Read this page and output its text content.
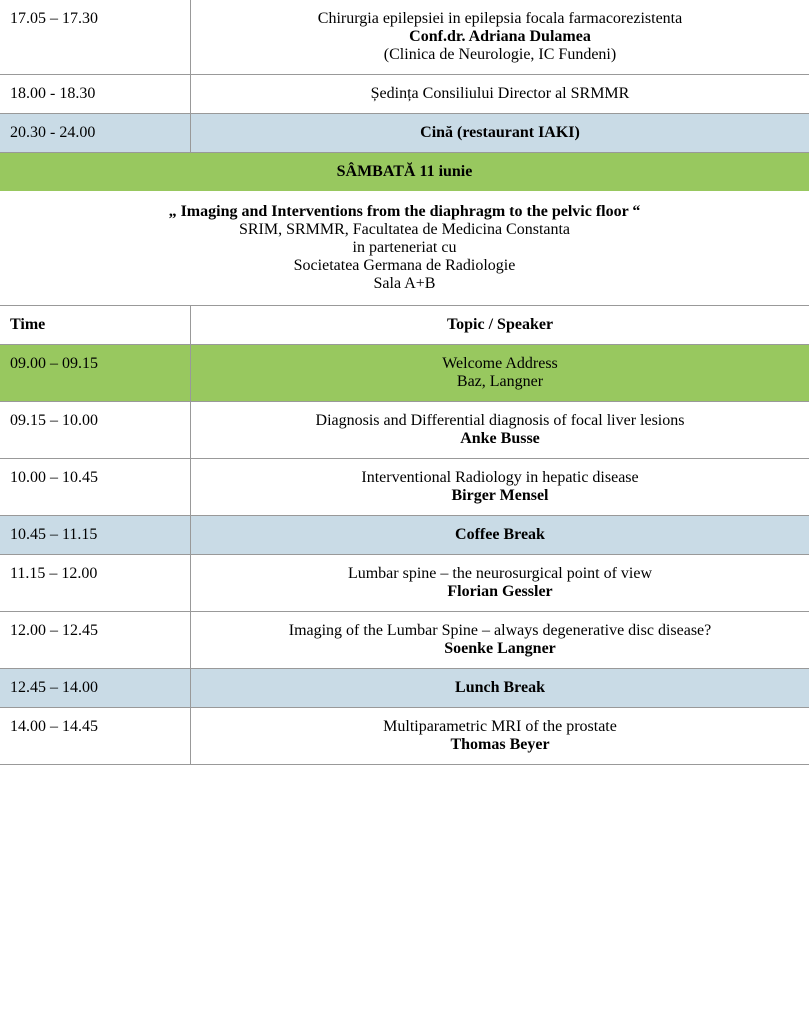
17.05 – 17.30	Chirurgia epilepsiei in epilepsia focala farmacorezistenta
Conf.dr. Adriana Dulamea
(Clinica de Neurologie, IC Fundeni)
18.00 - 18.30	Ședința Consiliului Director al SRMMR
20.30 - 24.00	Cină (restaurant IAKI)
SÂMBATĂ 11 iunie
„ Imaging and Interventions from the diaphragm to the pelvic floor “
SRIM, SRMMR, Facultatea de Medicina Constanta
in parteneriat cu
Societatea Germana de Radiologie
Sala A+B
Time	Topic / Speaker
09.00 – 09.15	Welcome Address
Baz, Langner
09.15 – 10.00	Diagnosis and Differential diagnosis of focal liver lesions
Anke Busse
10.00 – 10.45	Interventional Radiology in hepatic disease
Birger Mensel
10.45 – 11.15	Coffee Break
11.15 – 12.00	Lumbar spine – the neurosurgical point of view
Florian Gessler
12.00 – 12.45	Imaging of the Lumbar Spine – always degenerative disc disease?
Soenke Langner
12.45 – 14.00	Lunch Break
14.00 – 14.45	Multiparametric MRI of the prostate
Thomas Beyer
